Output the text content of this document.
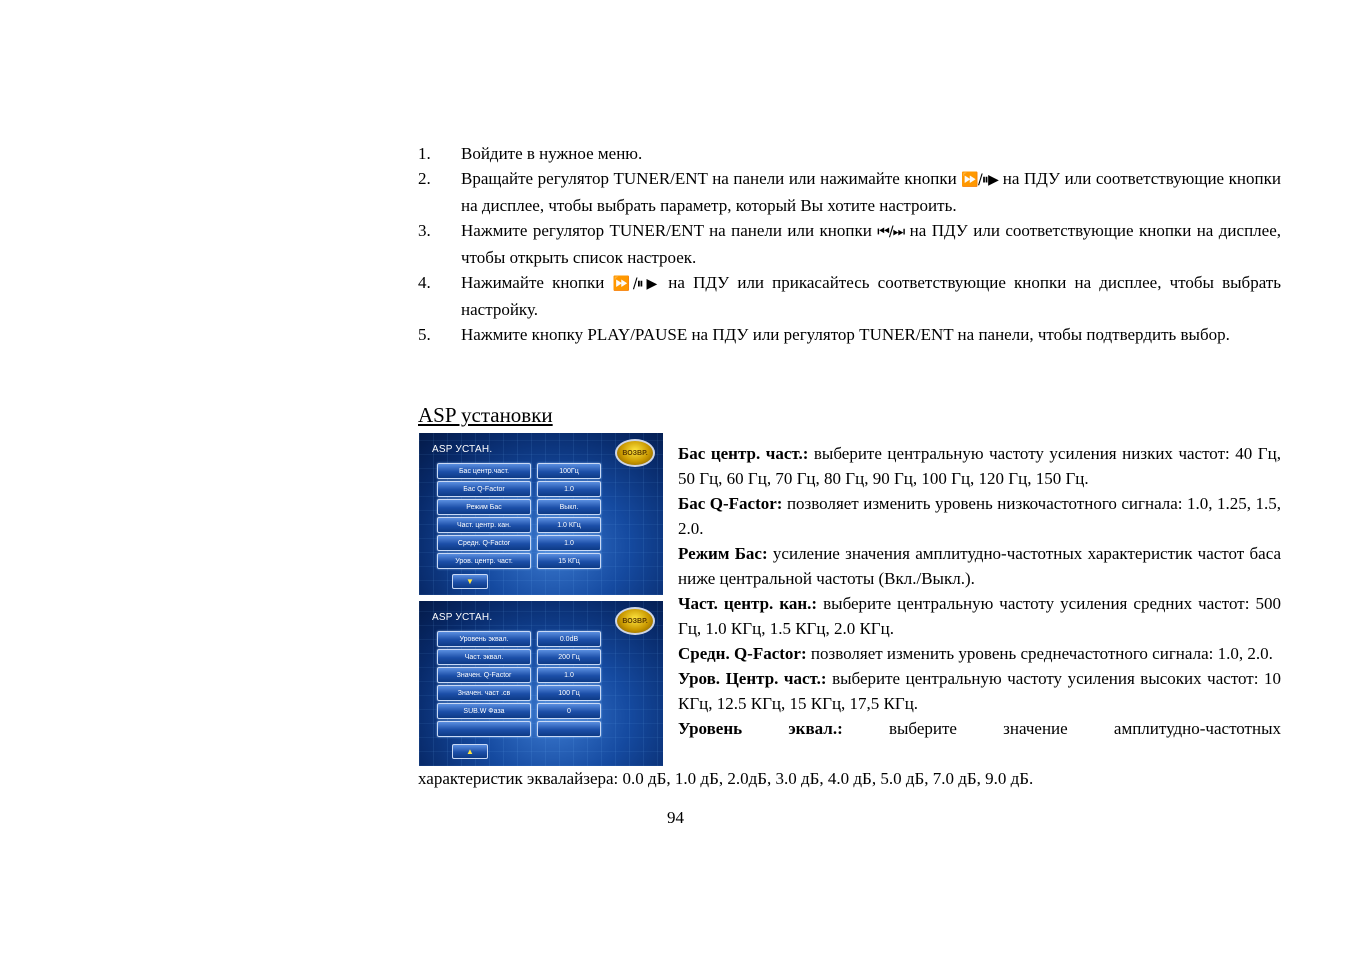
1.	Войдите в нужное меню.
2.	Вращайте регулятор TUNER/ENT на панели или нажимайте кнопки ⏩/⏸▶ на ПДУ или соответствующие кнопки на дисплее, чтобы выбрать параметр, который Вы хотите настроить.
3.	Нажмите регулятор TUNER/ENT на панели или кнопки ⏮/⏭ на ПДУ или соответствующие кнопки на дисплее, чтобы открыть список настроек.
4.	Нажимайте кнопки ⏩/⏸▶ на ПДУ или прикасайтесь соответствующие кнопки на дисплее, чтобы выбрать настройку.
5.	Нажмите кнопку PLAY/PAUSE на ПДУ или регулятор TUNER/ENT на панели, чтобы подтвердить выбор.
ASP установки
ASP УСТАН.	ВОЗВР.
Бас центр.част.	100Гц
Бас Q-Factor	1.0
Режим Бас	Выкл.
Част. центр. кан.	1.0 КГц
Средн. Q-Factor	1.0
Уров. центр. част.	15 КГц
▼
ASP УСТАН.	ВОЗВР.
Уровень эквал.	0.0dB
Част. эквал.	200 Гц
Значен. Q-Factor	1.0
Значен. част .св	100 Гц
SUB.W Фаза	0
▲

Бас центр. част.: выберите центральную частоту усиления низких частот: 40 Гц, 50 Гц, 60 Гц, 70 Гц, 80 Гц, 90 Гц, 100 Гц, 120 Гц, 150 Гц.

Бас Q-Factor: позволяет изменить уровень низкочастотного сигнала: 1.0, 1.25, 1.5, 2.0.

Режим Бас: усиление значения амплитудно-частотных характеристик частот баса ниже центральной частоты (Вкл./Выкл.).

Част. центр. кан.: выберите центральную частоту усиления средних частот: 500 Гц, 1.0 КГц, 1.5 КГц, 2.0 КГц.

Средн. Q-Factor: позволяет изменить уровень среднечастотного сигнала: 1.0, 2.0.

Уров. Центр. част.: выберите центральную частоту усиления высоких частот: 10 КГц, 12.5 КГц, 15 КГц, 17,5 КГц.

Уровень эквал.: выберите значение амплитудно-частотных

характеристик эквалайзера: 0.0 дБ, 1.0 дБ, 2.0дБ, 3.0 дБ, 4.0 дБ, 5.0 дБ, 7.0 дБ, 9.0 дБ.

94
